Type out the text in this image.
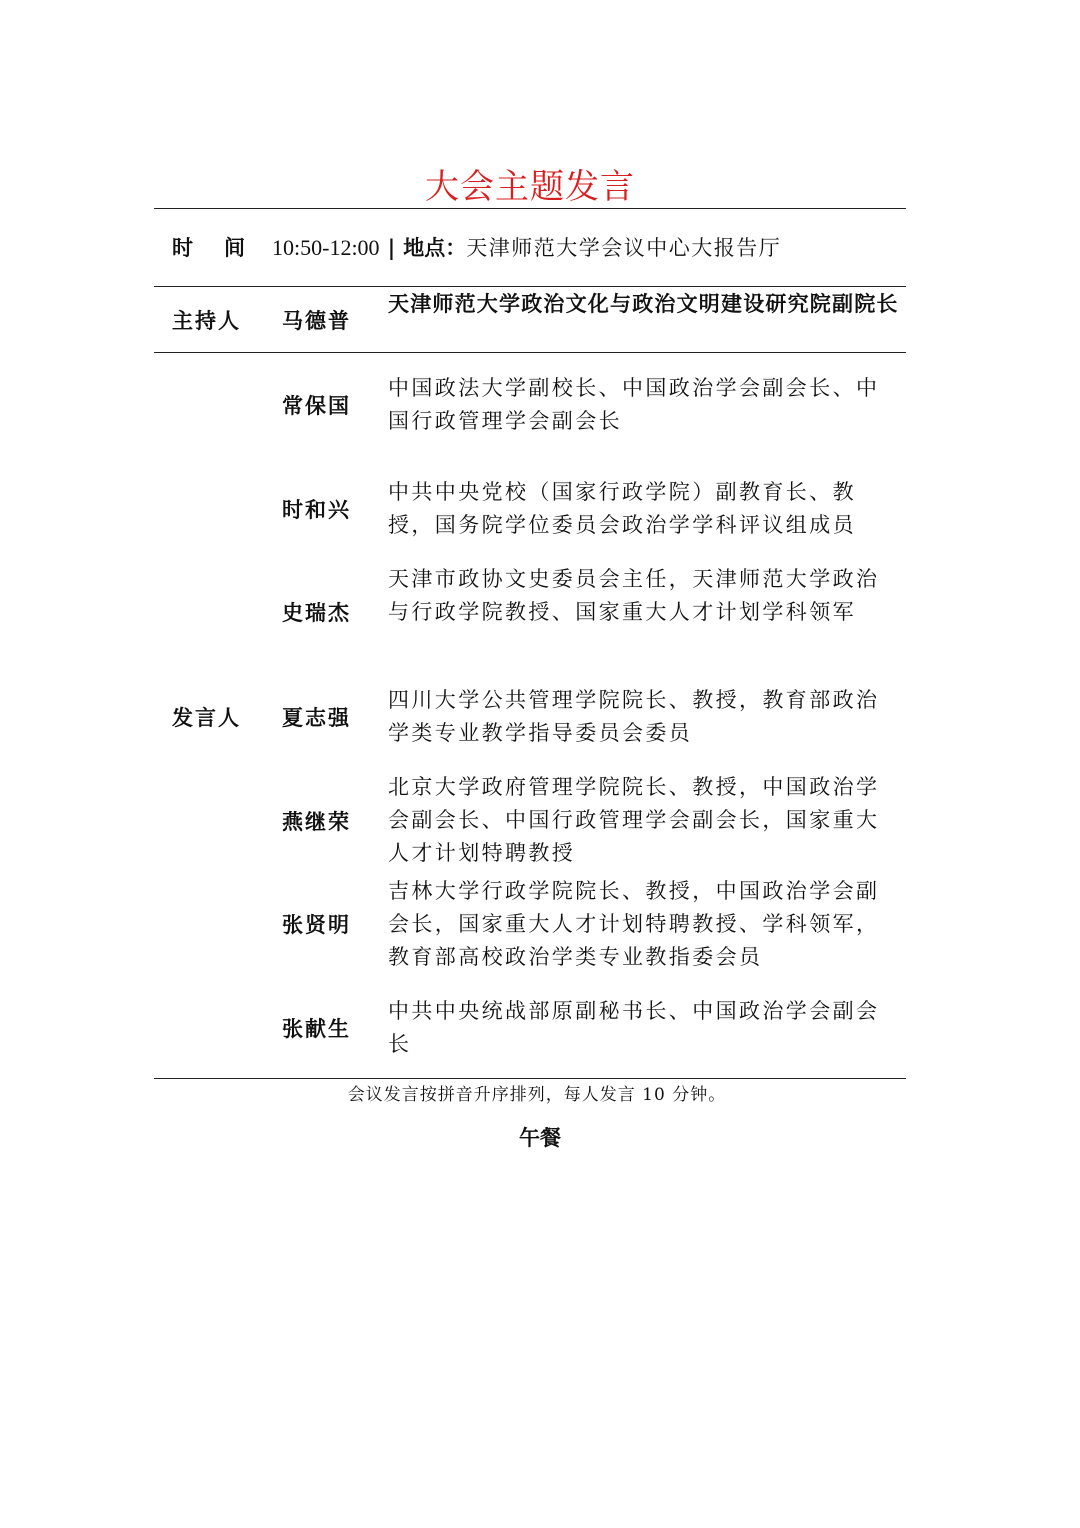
大会主题发言
时 间 10:50-12:00 | 地点：天津师范大学会议中心大报告厅
主持人 马德普
天津师范大学政治文化与政治文明建设研究院副院长
发言人
常保国
中国政法大学副校长、中国政治学会副会长、中国行政管理学会副会长
时和兴
中共中央党校（国家行政学院）副教育长、教授，国务院学位委员会政治学学科评议组成员
史瑞杰
天津市政协文史委员会主任，天津师范大学政治与行政学院教授、国家重大人才计划学科领军
夏志强
四川大学公共管理学院院长、教授，教育部政治学类专业教学指导委员会委员
燕继荣
北京大学政府管理学院院长、教授，中国政治学会副会长、中国行政管理学会副会长，国家重大人才计划特聘教授
张贤明
吉林大学行政学院院长、教授，中国政治学会副会长，国家重大人才计划特聘教授、学科领军，教育部高校政治学类专业教指委会员
张献生
中共中央统战部原副秘书长、中国政治学会副会长
会议发言按拼音升序排列，每人发言 10 分钟。
午餐
